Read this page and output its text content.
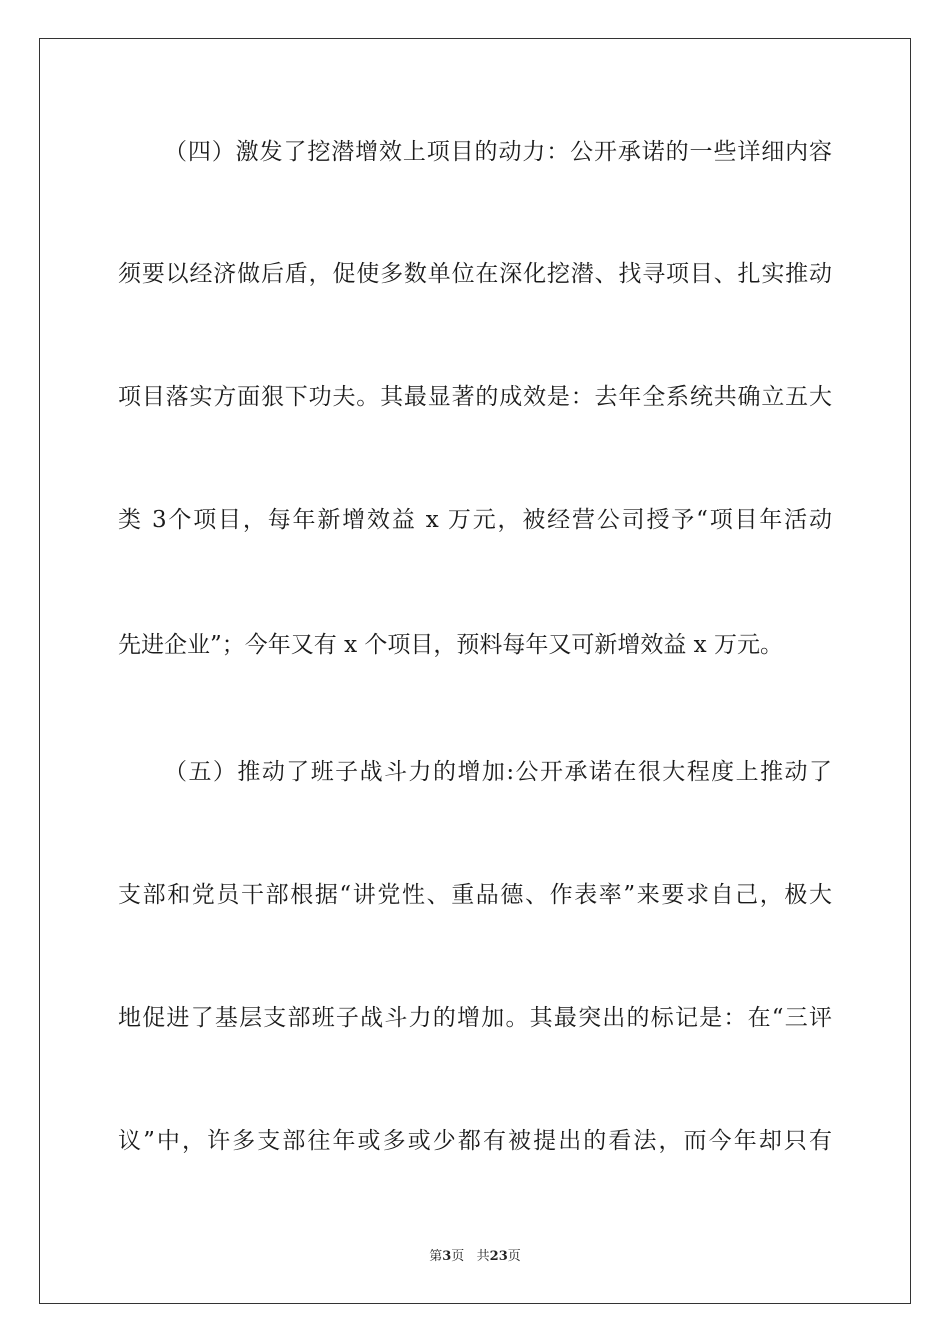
（四）激发了挖潜增效上项目的动力：公开承诺的一些详细内容
须要以经济做后盾，促使多数单位在深化挖潜、找寻项目、扎实推动
项目落实方面狠下功夫。其最显著的成效是：去年全系统共确立五大
类 3个项目，每年新增效益 x 万元，被经营公司授予“项目年活动
先进企业”；今年又有 x 个项目，预料每年又可新增效益 x 万元。
（五）推动了班子战斗力的增加:公开承诺在很大程度上推动了
支部和党员干部根据“讲党性、重品德、作表率”来要求自己，极大
地促进了基层支部班子战斗力的增加。其最突出的标记是：在“三评
议”中，许多支部往年或多或少都有被提出的看法，而今年却只有
第3页   共23页
